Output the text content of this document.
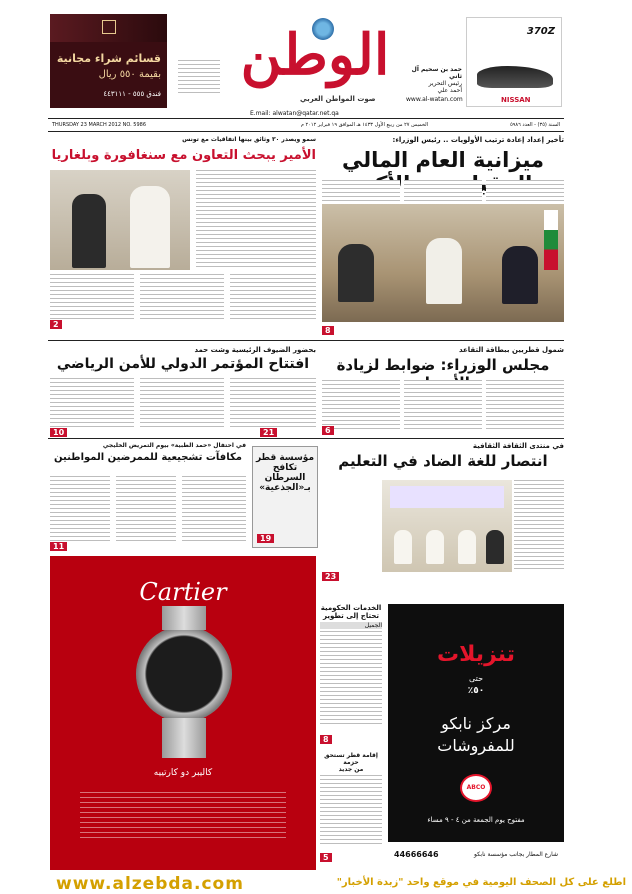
قسائم شراء مجانية
بقيمة ٥٥٠ ريال
فندق ٥٥٥ - ٤٤٣١١١
الوطن
صوت المواطن العربي
حمد بن سحيم آل ثاني
رئيس التحرير
أحمد علي
www.al-watan.com
370Z
NISSAN
E.mail: alwatan@qatar.net.qa
THURSDAY 23 MARCH 2012 NO. 5986	الخميس ٢٧ من ربيع الأول ١٤٣٣ هـ الموافق ١٩ فبراير ٢٠١٢ م	السنة (٣٥) - العدد ٥٩٨٦
تأخير إعداد إعادة ترتيب الأولويات .. رئيس الوزراء:
ميزانية العام المالي
8
سمو ويصدر ٣٠ وثائق بينها اتفاقيات مع تونس
الأمير يبحث التعاون مع سنغافورة وبلغاريا
2
شمول قطريين ببطاقة التقاعد
مجلس الوزراء: ضوابط لزيادة
6
بحضور الضيوف الرئيسية وشت حمد
افتتاح المؤتمر الدولي للأمن الرياضي
10	21
في منتدى الثقافة الثقافية
انتصار للغة الضاد في التعليم
23
في احتفال «حمد الطبية» بيوم التمريض الخليجي
مكافآت تشجيعية للممرضين المواطنين
11
مؤسسة قطر
تكافح
السرطان
بـ«الجذعية»
19
Cartier
كاليبر دو كارتييه
الخدمات الحكومية
تحتاج إلى تطوير
الجميل
8
إقامة قطر تستحق حزمة
من جديد
5
تنزيلات
حتى
٥٠٪
مركز نابكو
للمفروشات
ABCO
مفتوح يوم الجمعة من ٤ - ٩ مساء
44666646	شارع المطار بجانب مؤسسة نابكو
www.alzebda.com	اطلع على كل الصحف اليومية في موقع واحد "زبدة الأخبار"
